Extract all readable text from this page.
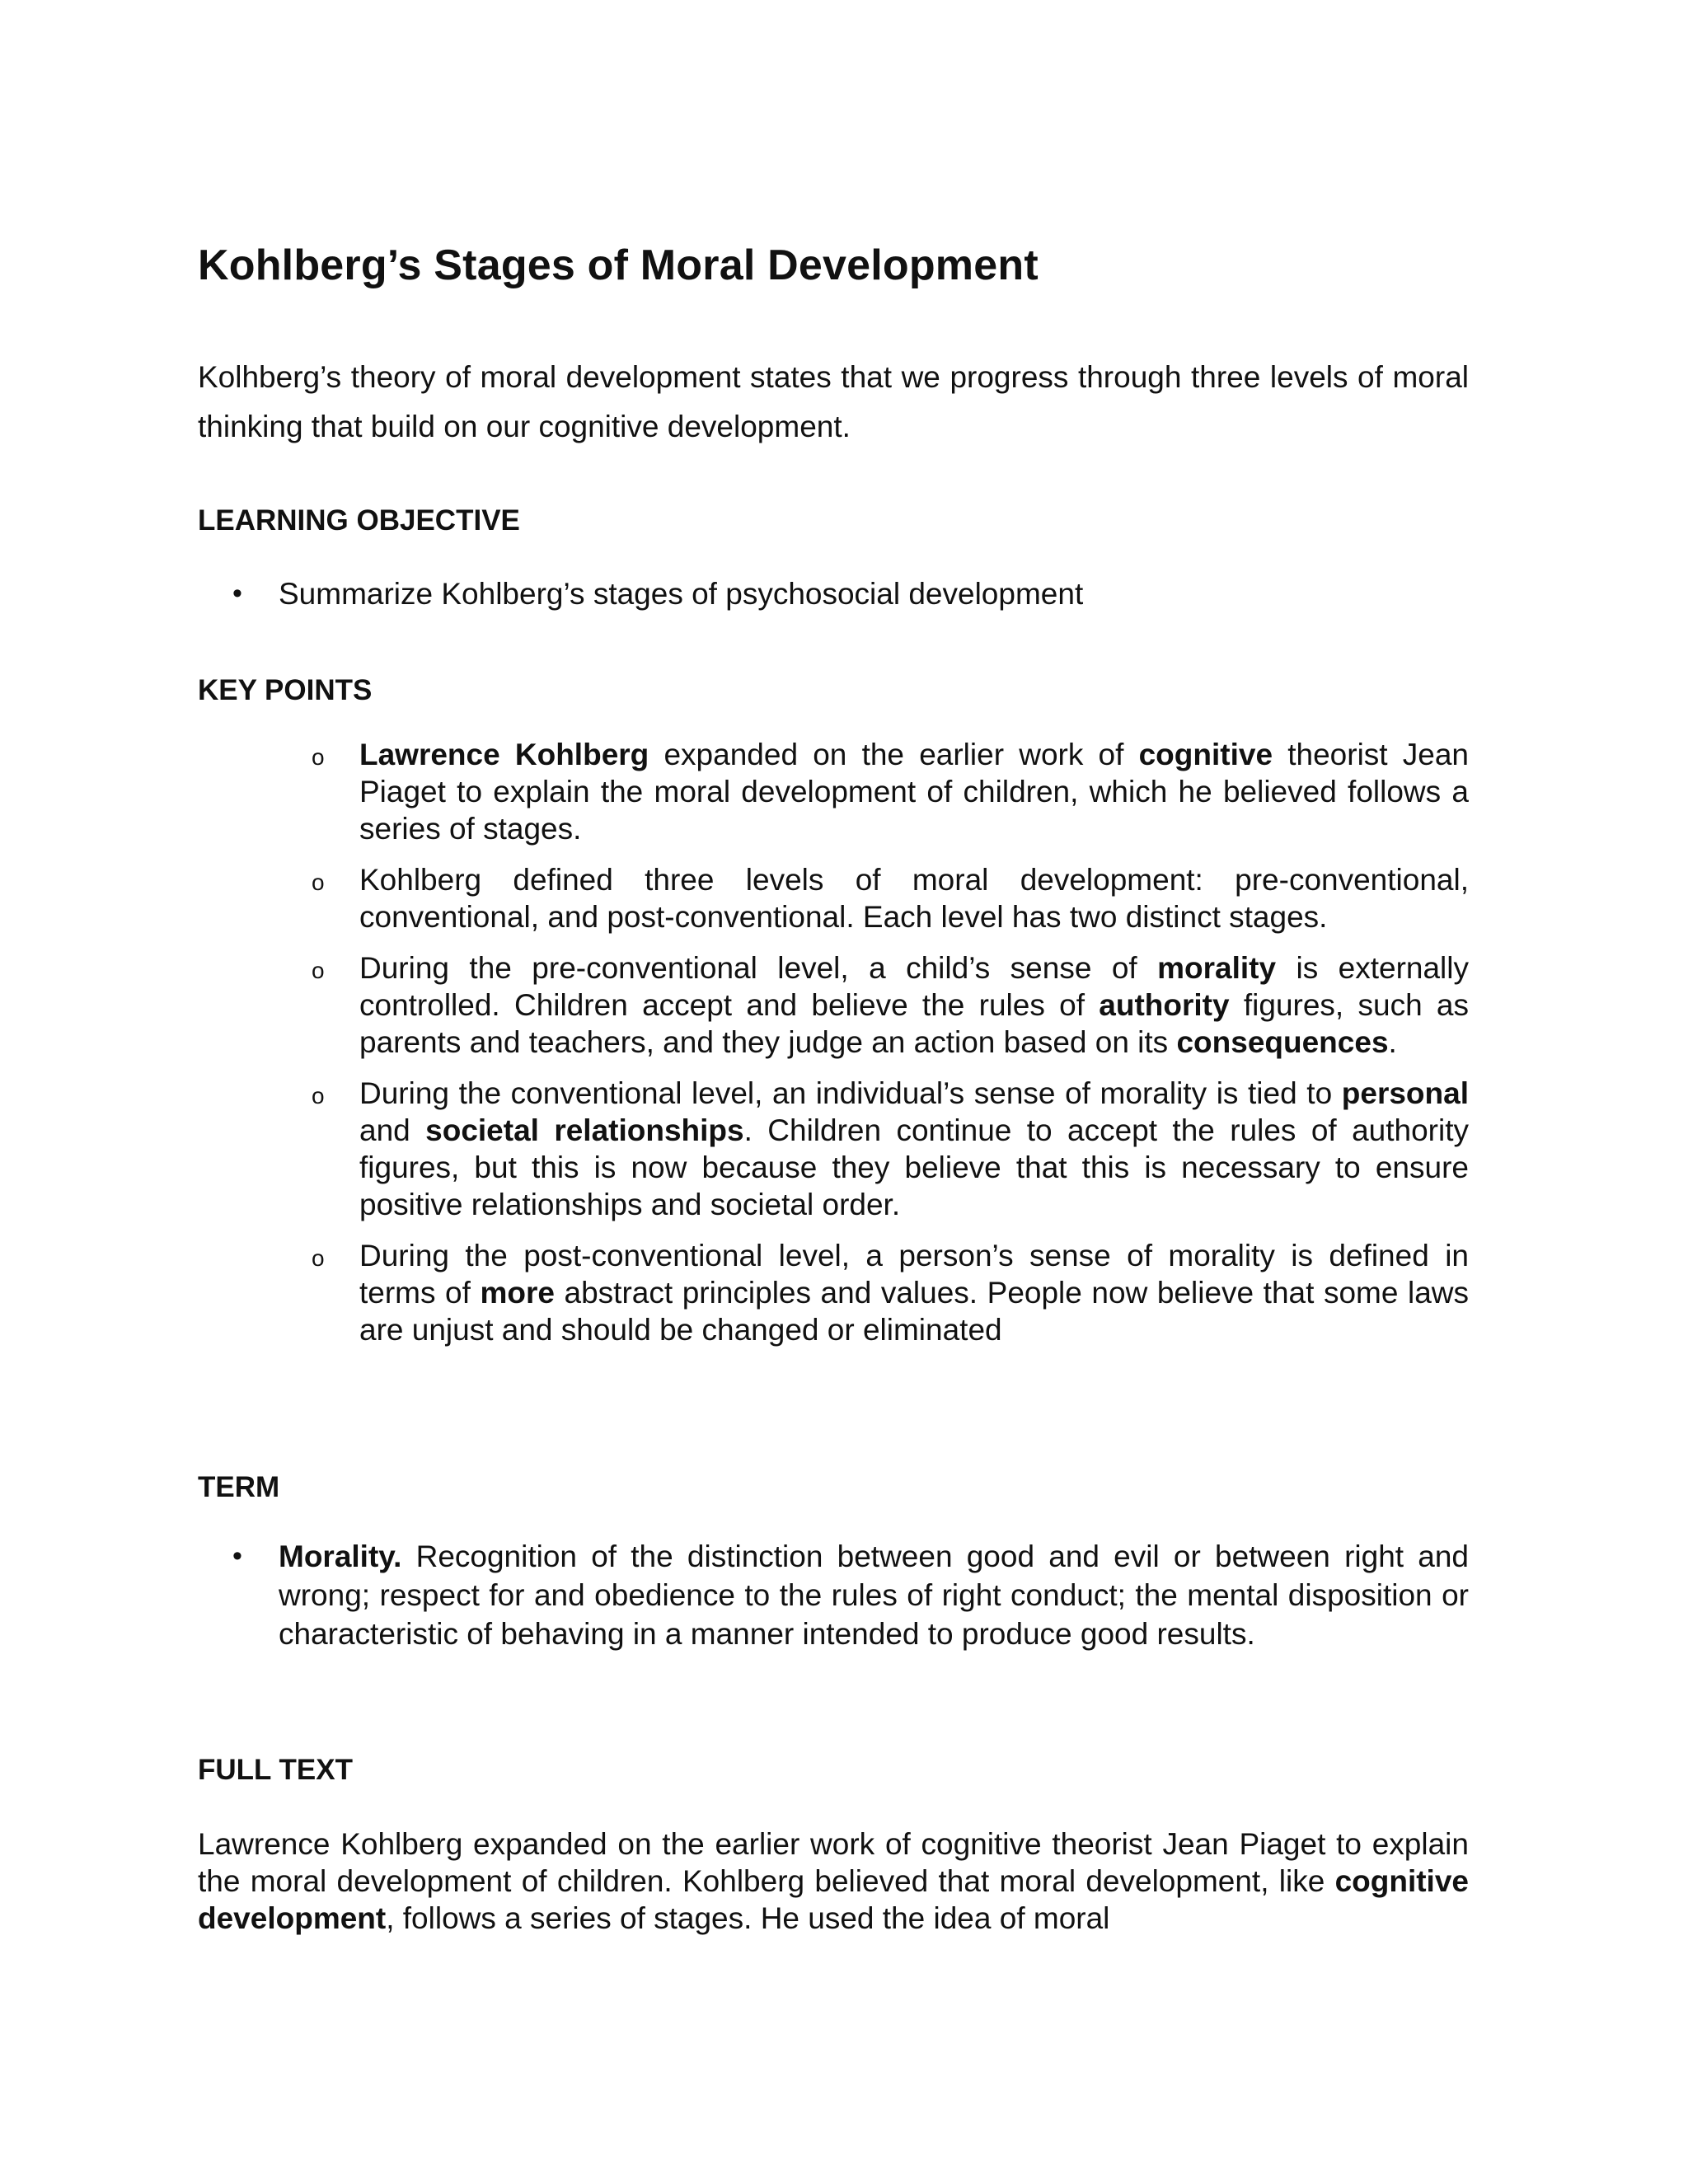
Kohlberg’s Stages of Moral Development

Kolhberg’s theory of moral development states that we progress through three levels of moral thinking that build on our cognitive development.

LEARNING OBJECTIVE
• Summarize Kohlberg’s stages of psychosocial development
KEY POINTS
o Lawrence Kohlberg expanded on the earlier work of cognitive theorist Jean Piaget to explain the moral development of children, which he believed follows a series of stages.
o Kohlberg defined three levels of moral development: pre-conventional, conventional, and post-conventional. Each level has two distinct stages.
o During the pre-conventional level, a child’s sense of morality is externally controlled. Children accept and believe the rules of authority figures, such as parents and teachers, and they judge an action based on its consequences.
o During the conventional level, an individual’s sense of morality is tied to personal and societal relationships. Children continue to accept the rules of authority figures, but this is now because they believe that this is necessary to ensure positive relationships and societal order.
o During the post-conventional level, a person’s sense of morality is defined in terms of more abstract principles and values. People now believe that some laws are unjust and should be changed or eliminated
TERM
• Morality. Recognition of the distinction between good and evil or between right and wrong; respect for and obedience to the rules of right conduct; the mental disposition or characteristic of behaving in a manner intended to produce good results.
FULL TEXT

Lawrence Kohlberg expanded on the earlier work of cognitive theorist Jean Piaget to explain the moral development of children. Kohlberg believed that moral development, like cognitive development, follows a series of stages. He used the idea of moral
